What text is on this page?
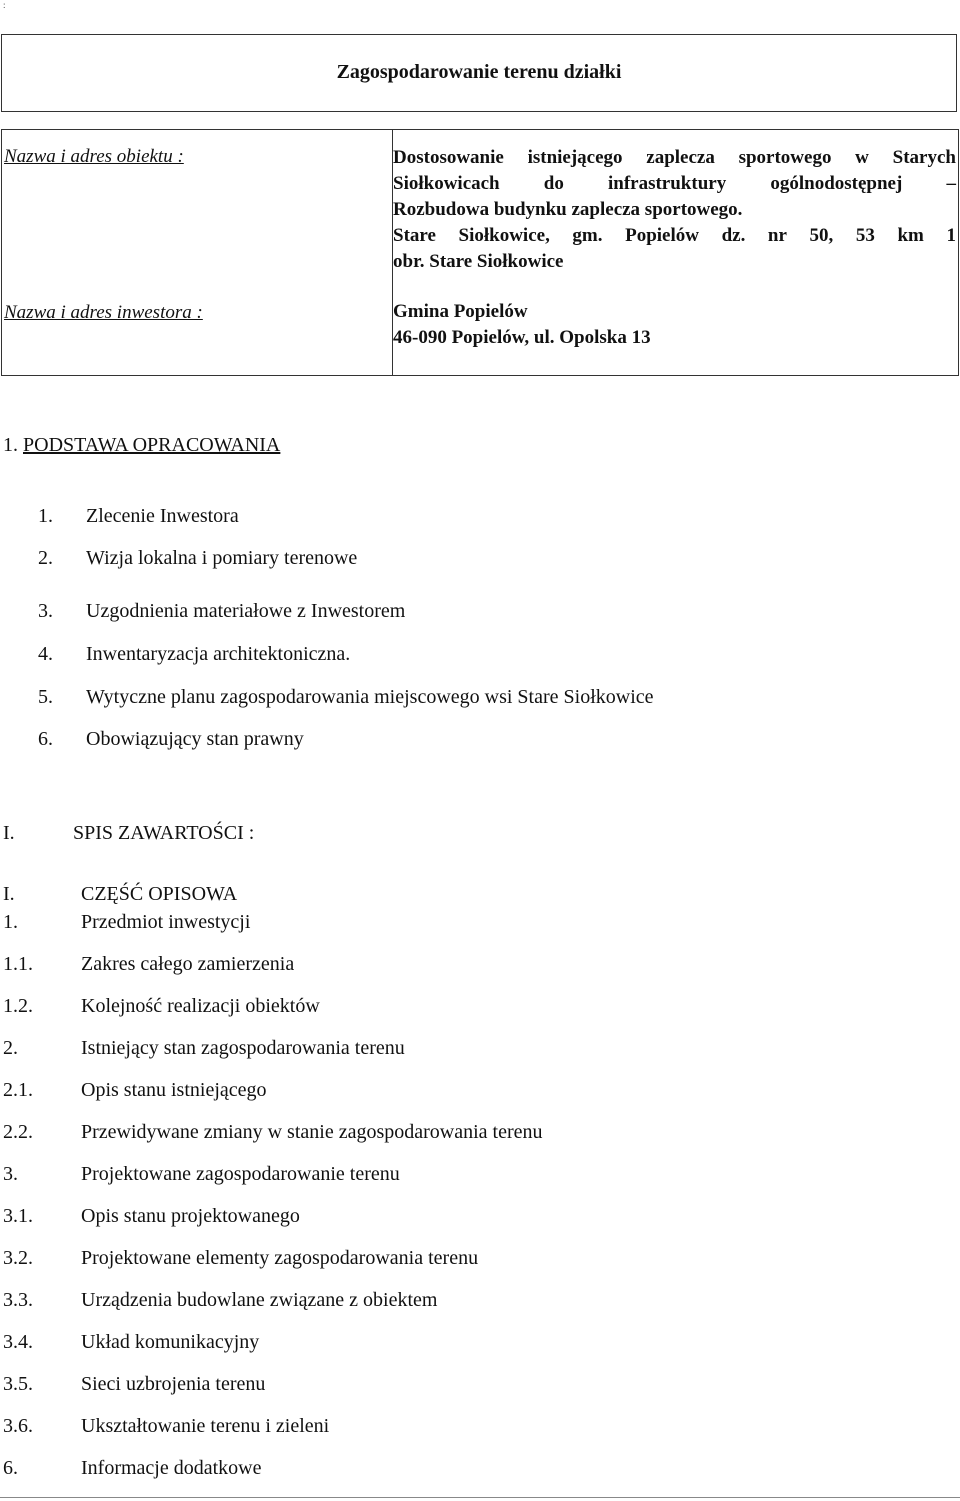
:
Zagospodarowanie terenu działki
Nazwa i adres obiektu :	Dostosowanie istniejącego zaplecza sportowego w Starych
Siołkowicach do infrastruktury ogólnodostępnej –
Rozbudowa budynku zaplecza sportowego.
Stare Siołkowice, gm. Popielów dz. nr 50, 53 km 1
obr. Stare Siołkowice
Nazwa i adres inwestora :	Gmina Popielów
46-090 Popielów, ul. Opolska 13
1. PODSTAWA OPRACOWANIA
1. Zlecenie Inwestora
2. Wizja lokalna i pomiary terenowe
3. Uzgodnienia materiałowe z Inwestorem
4. Inwentaryzacja architektoniczna.
5. Wytyczne planu zagospodarowania miejscowego wsi Stare Siołkowice
6. Obowiązujący stan prawny
I.	SPIS ZAWARTOŚCI :
I.	CZĘŚĆ OPISOWA
1.	Przedmiot inwestycji
1.1. Zakres całego zamierzenia
1.2. Kolejność realizacji obiektów
2.	Istniejący stan zagospodarowania terenu
2.1. Opis stanu istniejącego
2.2. Przewidywane zmiany w stanie zagospodarowania terenu
3.	Projektowane zagospodarowanie terenu
3.1. Opis stanu projektowanego
3.2. Projektowane elementy zagospodarowania terenu
3.3. Urządzenia budowlane związane z obiektem
3.4. Układ komunikacyjny
3.5. Sieci uzbrojenia terenu
3.6. Ukształtowanie terenu i zieleni
6.	Informacje dodatkowe
